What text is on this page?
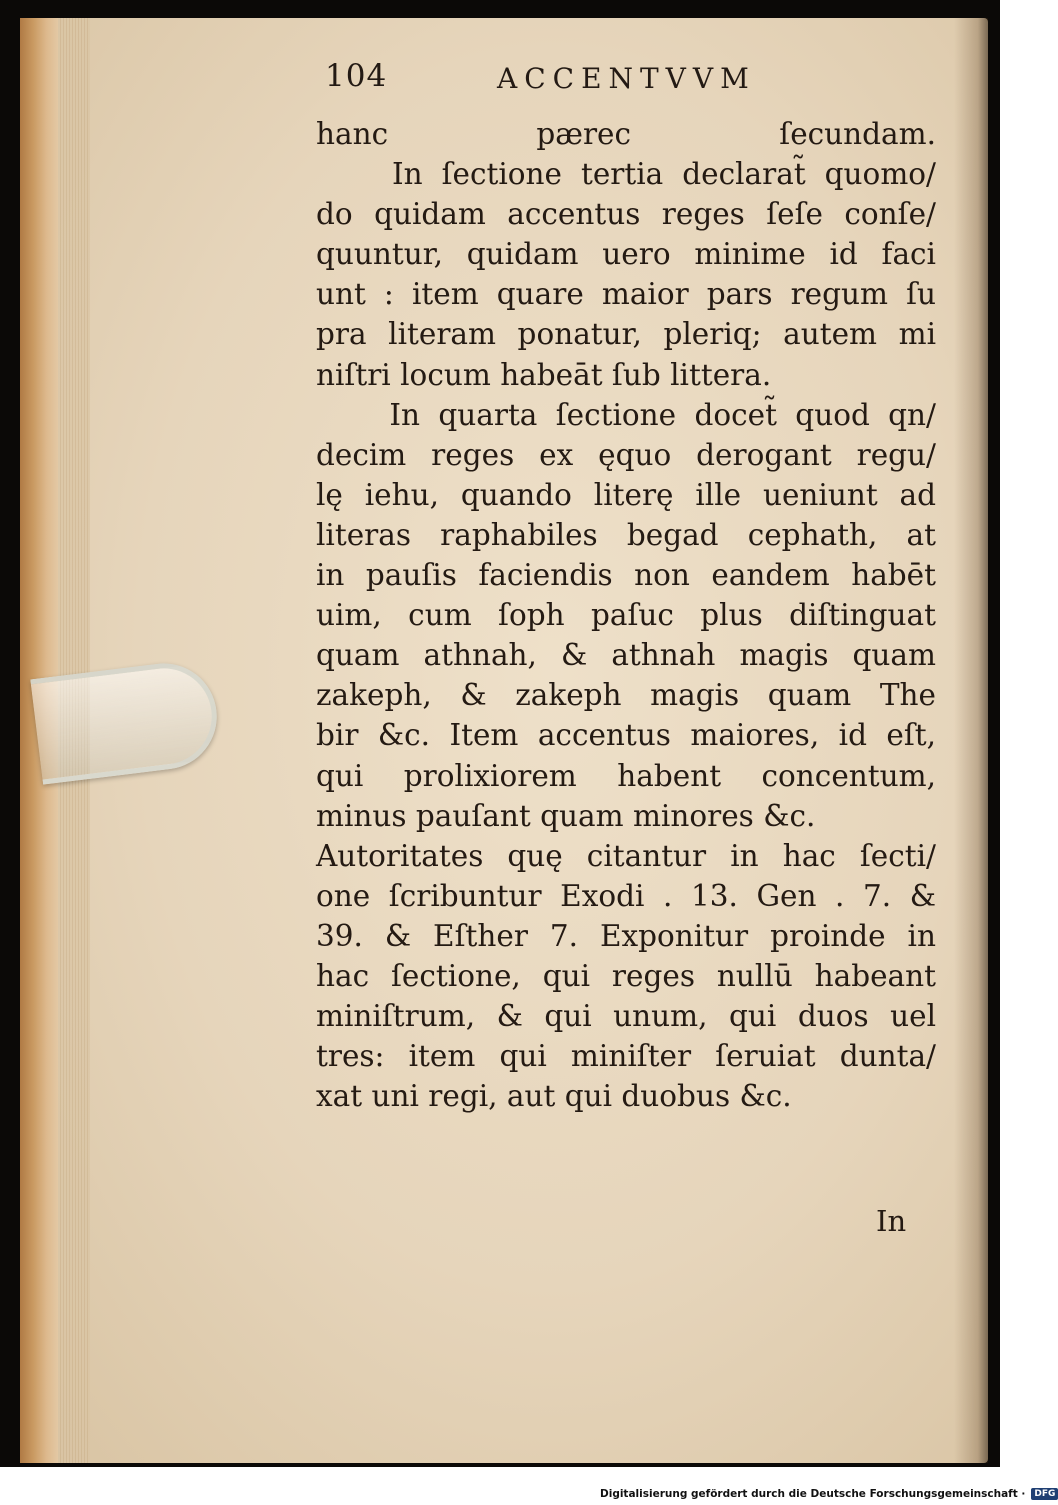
104	ACCENTVVM
hanc pærec ſecundam.
In ſectione tertia declarat̃ quomo/
do quidam accentus reges ſeſe conſe/
quuntur, quidam uero minime id faci
unt : item quare maior pars regum ſu
pra literam ponatur, pleriq; autem mi
niſtri locum habeāt ſub littera.
In quarta ſectione docet̃ quod qn/
decim reges ex ęquo derogant regu/
lę iehu, quando literę ille ueniunt ad
literas raphabiles begad cephath, at
in pauſis faciendis non eandem habēt
uim, cum ſoph paſuc plus diſtinguat
quam athnah, & athnah magis quam
zakeph, & zakeph magis quam The
bir &c. Item accentus maiores, id eſt,
qui prolixiorem habent concentum,
minus pauſant quam minores &c.
Autoritates quę citantur in hac ſecti/
one ſcribuntur Exodi . 13. Gen . 7. &
39. & Eſther 7. Exponitur proinde in
hac ſectione, qui reges nullū habeant
miniſtrum, & qui unum, qui duos uel
tres: item qui miniſter ſeruiat dunta/
xat uni regi, aut qui duobus &c.
In
Digitalisierung gefördert durch die Deutsche Forschungsgemeinschaft ·	DFG
